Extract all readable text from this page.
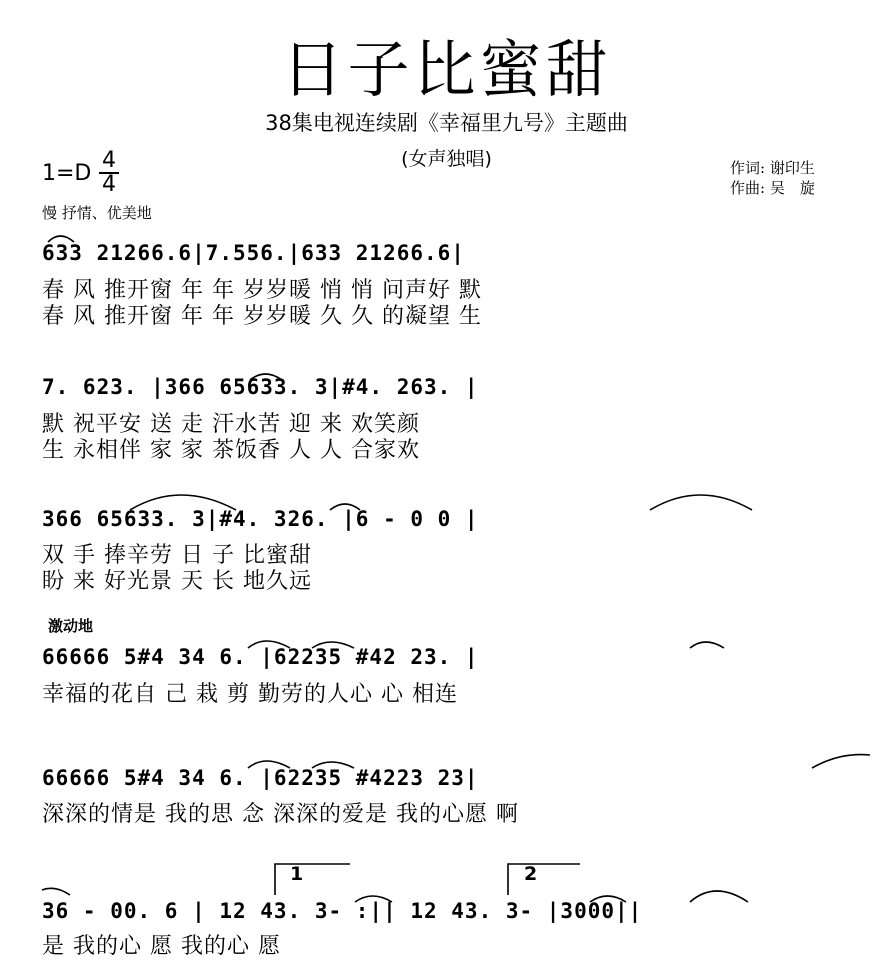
日子比蜜甜
38集电视连续剧《幸福里九号》主题曲
(女声独唱)
1=D
4
4
作词: 谢印生
作曲: 吴　旋
慢 抒情、优美地
633 21266.6|7.556.|633 21266.6|
春 风 推开窗 年 年 岁岁暖 悄 悄 问声好 默
春 风 推开窗 年 年 岁岁暖 久 久 的凝望 生
7. 623. |366 65633. 3|#4. 263. |
默 祝平安 送 走 汗水苦 迎 来 欢笑颜
生 永相伴 家 家 茶饭香 人 人 合家欢
366 65633. 3|#4. 326. |6 - 0 0 |
双 手 捧辛劳 日 子 比蜜甜
盼 来 好光景 天 长 地久远
激动地
66666 5#4 34 6. |62235 #42 23. |
幸福的花自 己 栽 剪 勤劳的人心 心 相连
66666 5#4 34 6. |62235 #4223 23|
深深的情是 我的思 念 深深的爱是 我的心愿 啊
1	2
36 - 00. 6 | 12 43. 3- :|| 12 43. 3- |3000||
是 我的心 愿 我的心 愿
